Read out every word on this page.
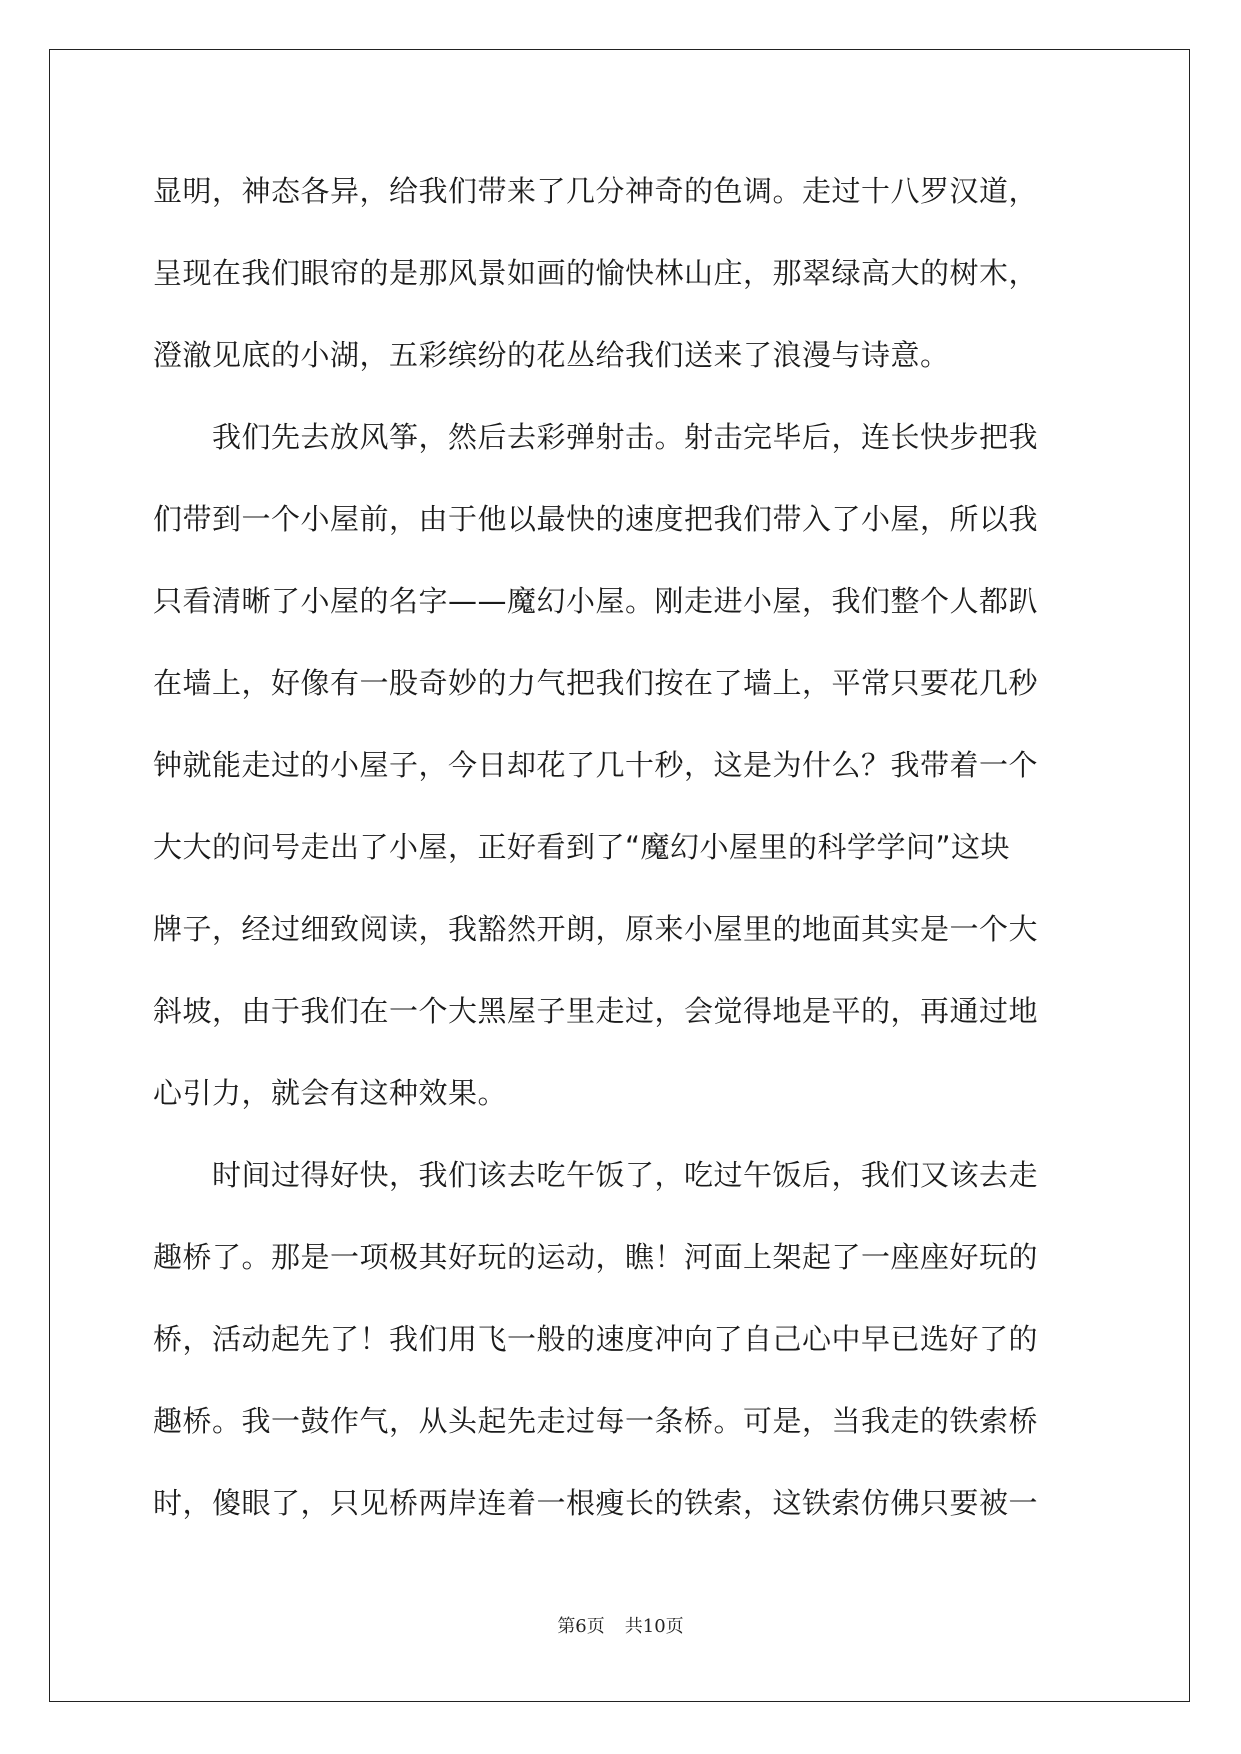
显明，神态各异，给我们带来了几分神奇的色调。走过十八罗汉道，
呈现在我们眼帘的是那风景如画的愉快林山庄，那翠绿高大的树木，
澄澈见底的小湖，五彩缤纷的花丛给我们送来了浪漫与诗意。
　　我们先去放风筝，然后去彩弹射击。射击完毕后，连长快步把我
们带到一个小屋前，由于他以最快的速度把我们带入了小屋，所以我
只看清晰了小屋的名字——魔幻小屋。刚走进小屋，我们整个人都趴
在墙上，好像有一股奇妙的力气把我们按在了墙上，平常只要花几秒
钟就能走过的小屋子，今日却花了几十秒，这是为什么？我带着一个
大大的问号走出了小屋，正好看到了“魔幻小屋里的科学学问”这块
牌子，经过细致阅读，我豁然开朗，原来小屋里的地面其实是一个大
斜坡，由于我们在一个大黑屋子里走过，会觉得地是平的，再通过地
心引力，就会有这种效果。
　　时间过得好快，我们该去吃午饭了，吃过午饭后，我们又该去走
趣桥了。那是一项极其好玩的运动，瞧！河面上架起了一座座好玩的
桥，活动起先了！我们用飞一般的速度冲向了自己心中早已选好了的
趣桥。我一鼓作气，从头起先走过每一条桥。可是，当我走的铁索桥
时，傻眼了，只见桥两岸连着一根瘦长的铁索，这铁索仿佛只要被一
第6页 共10页
